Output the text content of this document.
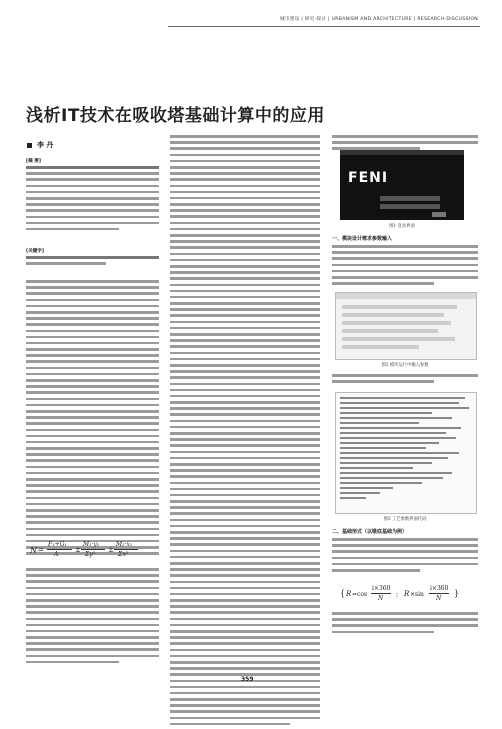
城市建设 | 研究·探讨 | URBANISM AND ARCHITECTURE | RESEARCH-DISCUSSION
浅析IT技术在吸收塔基础计算中的应用
李 丹
[摘 要]
[关键字]
N =
F₁+G₁
A
±
M₁·y₁
Σy²
±
M₂·x₁
Σx²
FENI
图1 登录界面
一、模块设计需求参数输入
图2 模块运行中输入参数
图3 工艺参数界面代码
二、基础形式（以锥底基础为例）
{ R =cos
i×360
N
; R ×sin
i×360
N
}
359
